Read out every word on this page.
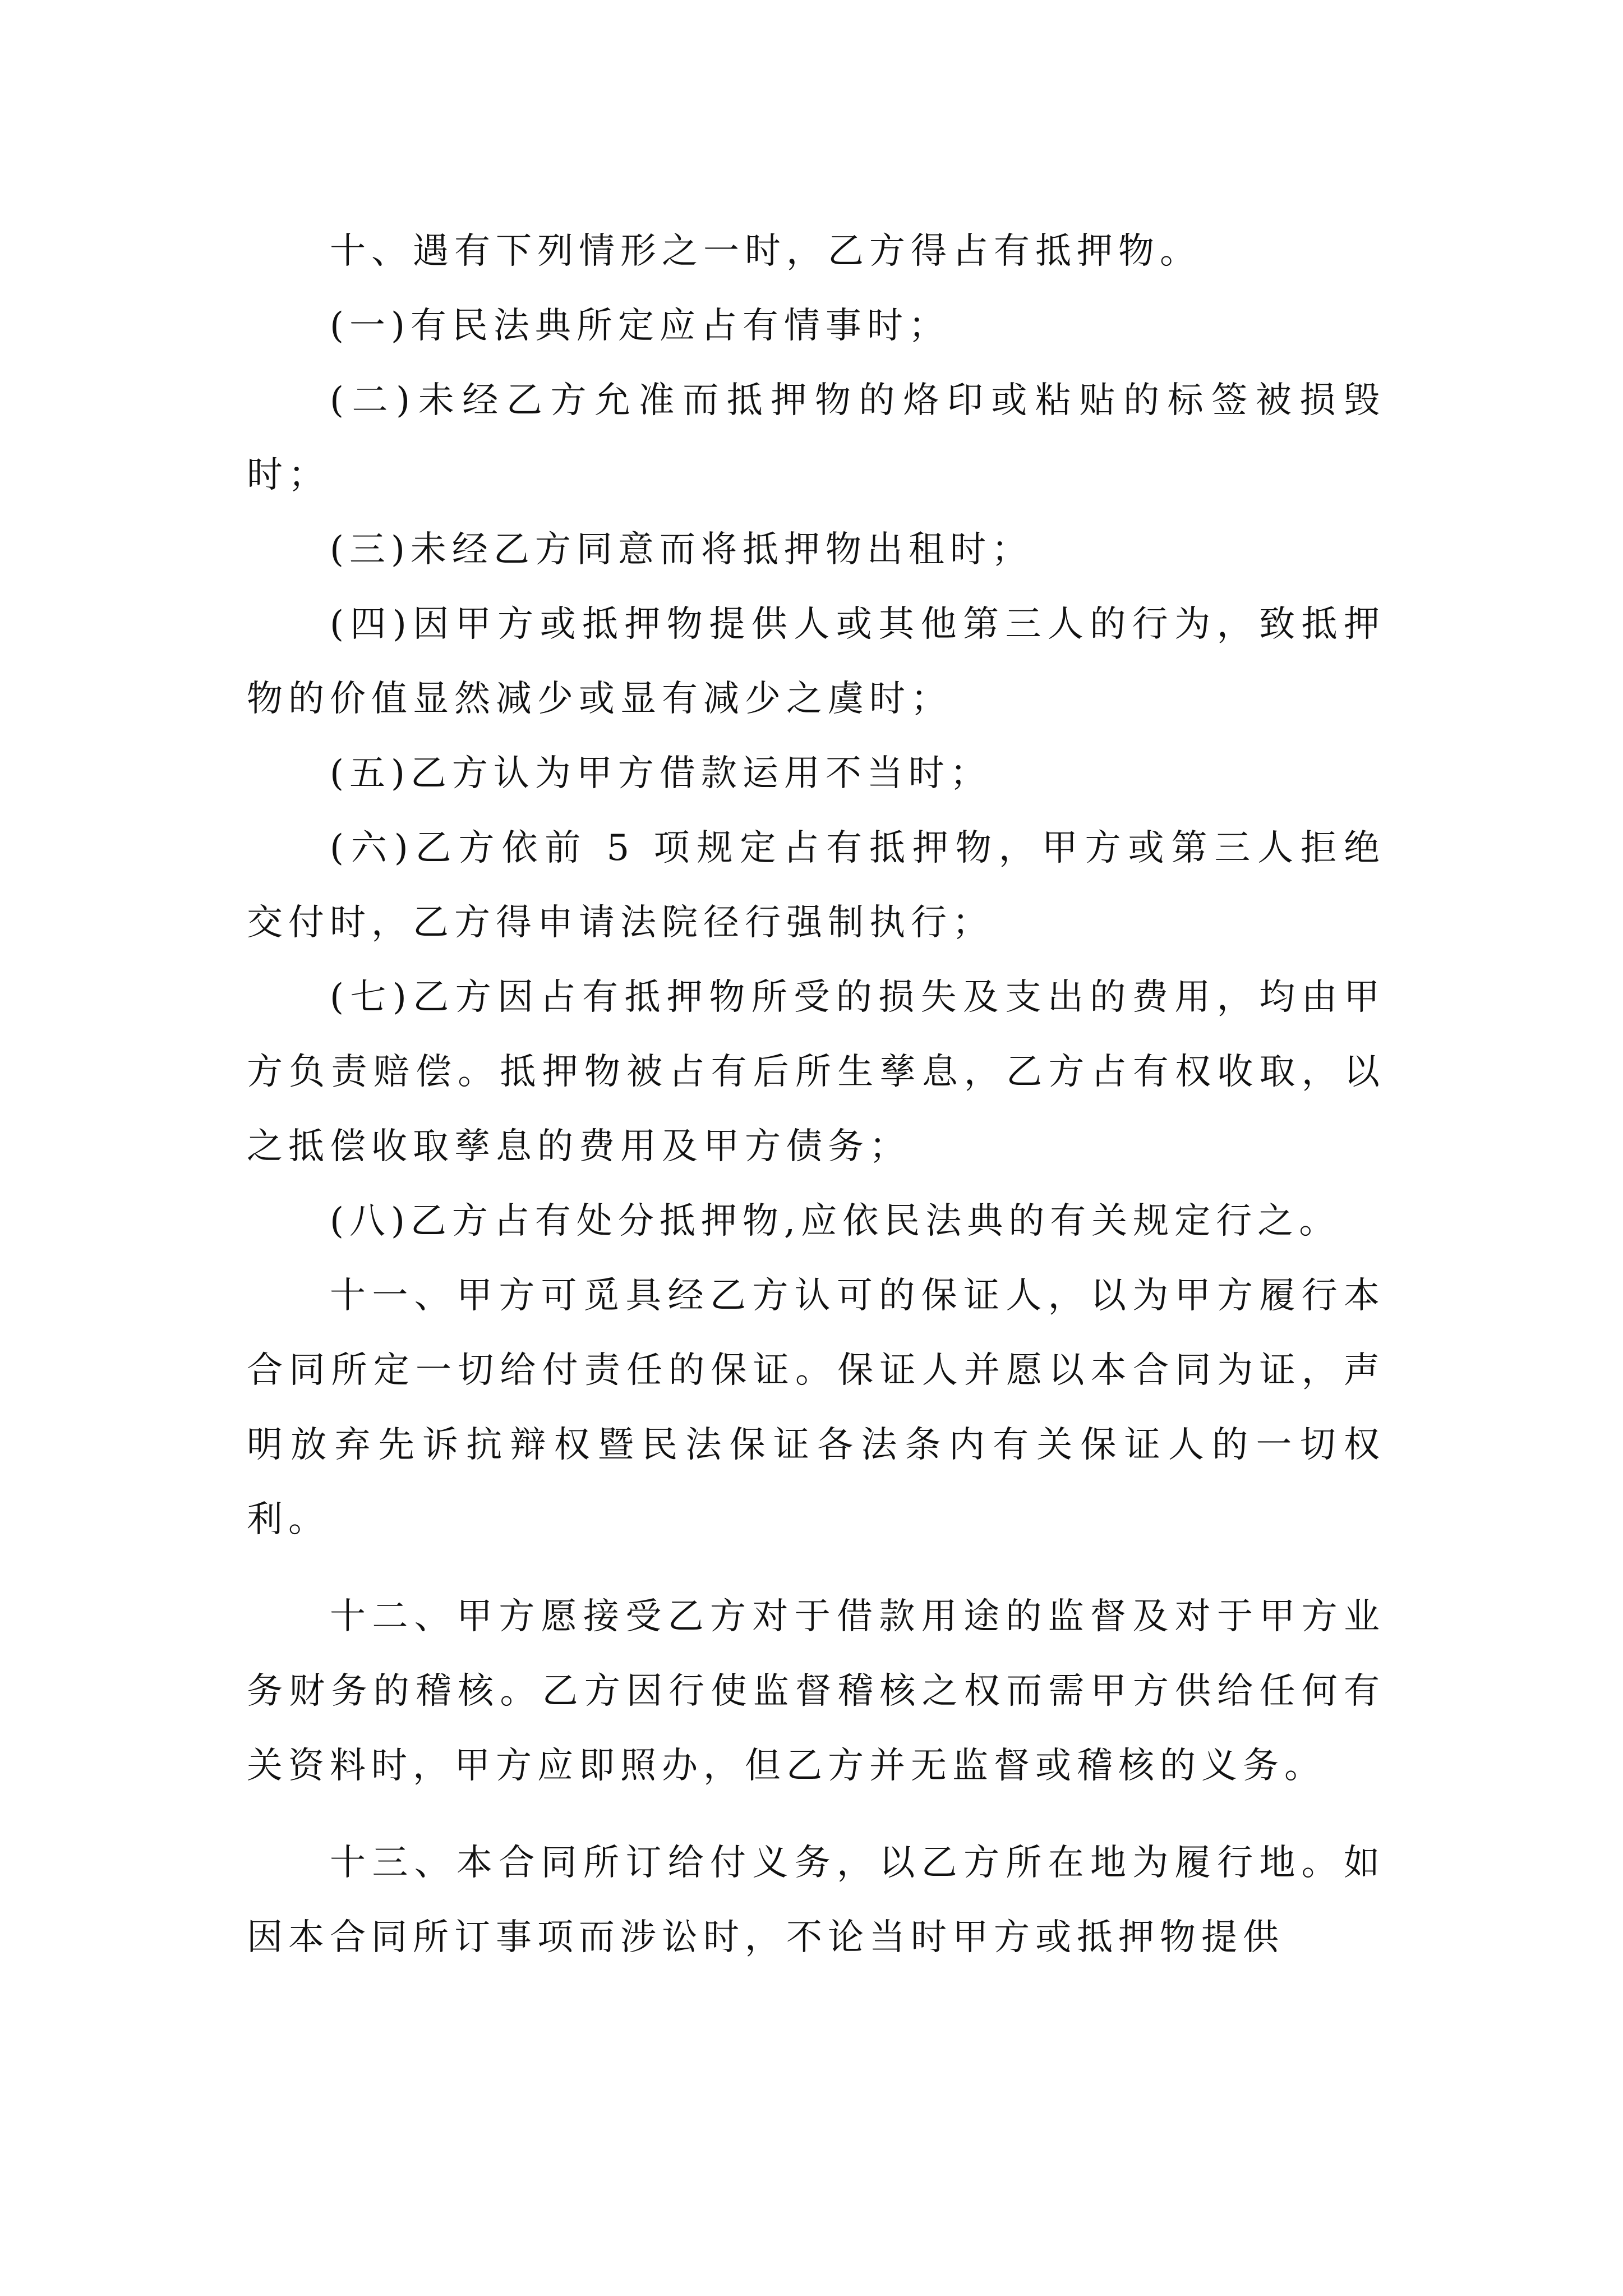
十、遇有下列情形之一时，乙方得占有抵押物。

(一)有民法典所定应占有情事时；

(二)未经乙方允准而抵押物的烙印或粘贴的标签被损毁时；

(三)未经乙方同意而将抵押物出租时；

(四)因甲方或抵押物提供人或其他第三人的行为，致抵押物的价值显然减少或显有减少之虞时；

(五)乙方认为甲方借款运用不当时；

(六)乙方依前 5 项规定占有抵押物，甲方或第三人拒绝交付时，乙方得申请法院径行强制执行；

(七)乙方因占有抵押物所受的损失及支出的费用，均由甲方负责赔偿。抵押物被占有后所生孳息，乙方占有权收取，以之抵偿收取孳息的费用及甲方债务；

(八)乙方占有处分抵押物,应依民法典的有关规定行之。

十一、甲方可觅具经乙方认可的保证人，以为甲方履行本合同所定一切给付责任的保证。保证人并愿以本合同为证，声明放弃先诉抗辩权暨民法保证各法条内有关保证人的一切权利。

十二、甲方愿接受乙方对于借款用途的监督及对于甲方业务财务的稽核。乙方因行使监督稽核之权而需甲方供给任何有关资料时，甲方应即照办，但乙方并无监督或稽核的义务。

十三、本合同所订给付义务，以乙方所在地为履行地。如因本合同所订事项而涉讼时，不论当时甲方或抵押物提供
